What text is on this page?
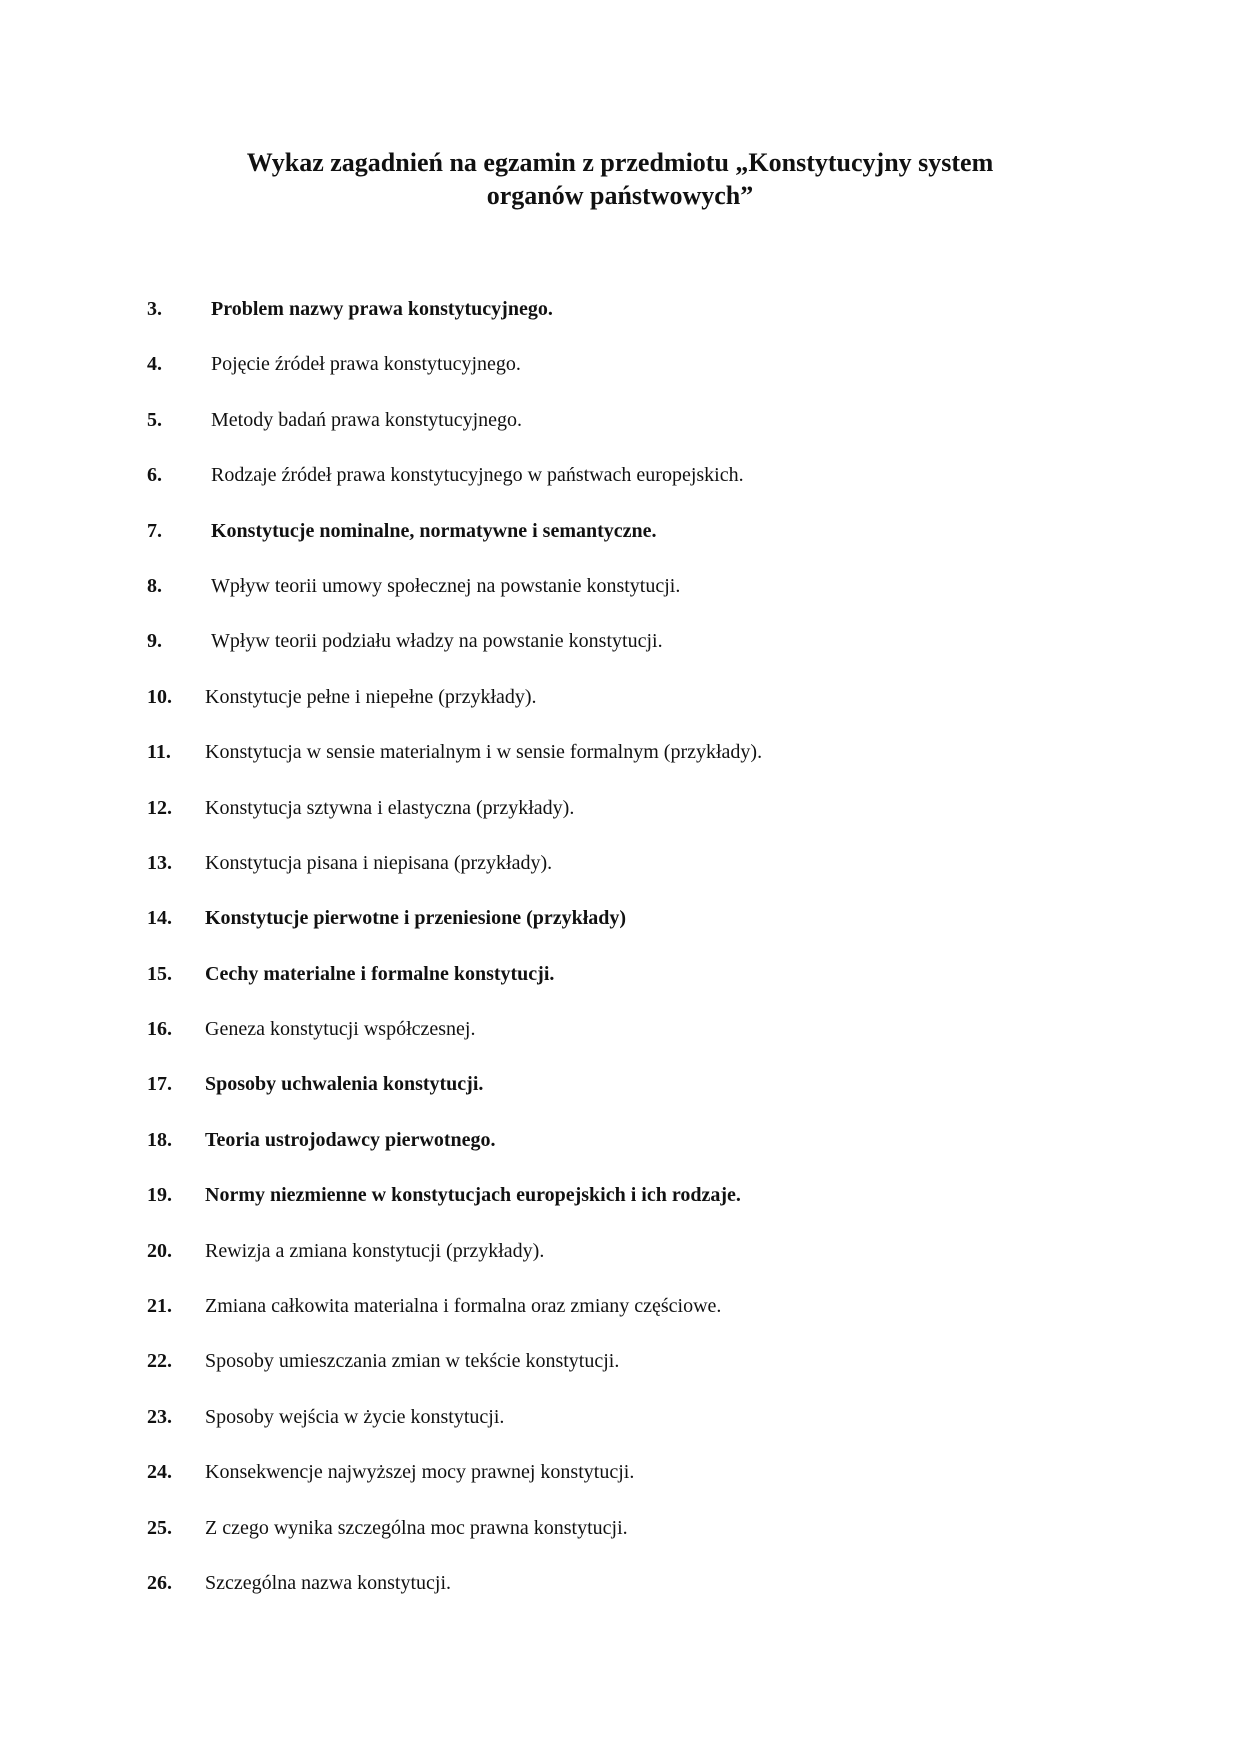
Wykaz zagadnień na egzamin z przedmiotu „Konstytucyjny system
organów państwowych”
3. Problem nazwy prawa konstytucyjnego.
4. Pojęcie źródeł prawa konstytucyjnego.
5. Metody badań prawa konstytucyjnego.
6. Rodzaje źródeł prawa konstytucyjnego w państwach europejskich.
7. Konstytucje nominalne, normatywne i semantyczne.
8. Wpływ teorii umowy społecznej na powstanie konstytucji.
9. Wpływ teorii podziału władzy na powstanie konstytucji.
10. Konstytucje pełne i niepełne (przykłady).
11. Konstytucja w sensie materialnym i w sensie formalnym (przykłady).
12. Konstytucja sztywna i elastyczna (przykłady).
13. Konstytucja pisana i niepisana (przykłady).
14. Konstytucje pierwotne i przeniesione (przykłady)
15. Cechy materialne i formalne konstytucji.
16. Geneza konstytucji współczesnej.
17. Sposoby uchwalenia konstytucji.
18. Teoria ustrojodawcy pierwotnego.
19. Normy niezmienne w konstytucjach europejskich i ich rodzaje.
20. Rewizja a zmiana konstytucji (przykłady).
21. Zmiana całkowita materialna i formalna oraz zmiany częściowe.
22. Sposoby umieszczania zmian w tekście konstytucji.
23. Sposoby wejścia w życie konstytucji.
24. Konsekwencje najwyższej mocy prawnej konstytucji.
25. Z czego wynika szczególna moc prawna konstytucji.
26. Szczególna nazwa konstytucji.
